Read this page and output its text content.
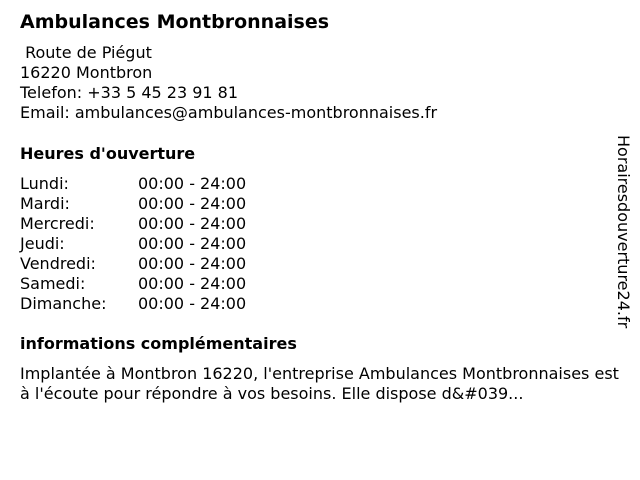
Ambulances Montbronnaises
Route de Piégut
16220 Montbron
Telefon: +33 5 45 23 91 81
Email: ambulances@ambulances-montbronnaises.fr
Heures d'ouverture
Lundi:	00:00 - 24:00
Mardi:	00:00 - 24:00
Mercredi:	00:00 - 24:00
Jeudi:	00:00 - 24:00
Vendredi:	00:00 - 24:00
Samedi:	00:00 - 24:00
Dimanche:	00:00 - 24:00
informations complémentaires
Implantée à Montbron 16220, l'entreprise Ambulances Montbronnaises est à l'écoute pour répondre à vos besoins. Elle dispose d&#039...
Horairesdouverture24.fr
